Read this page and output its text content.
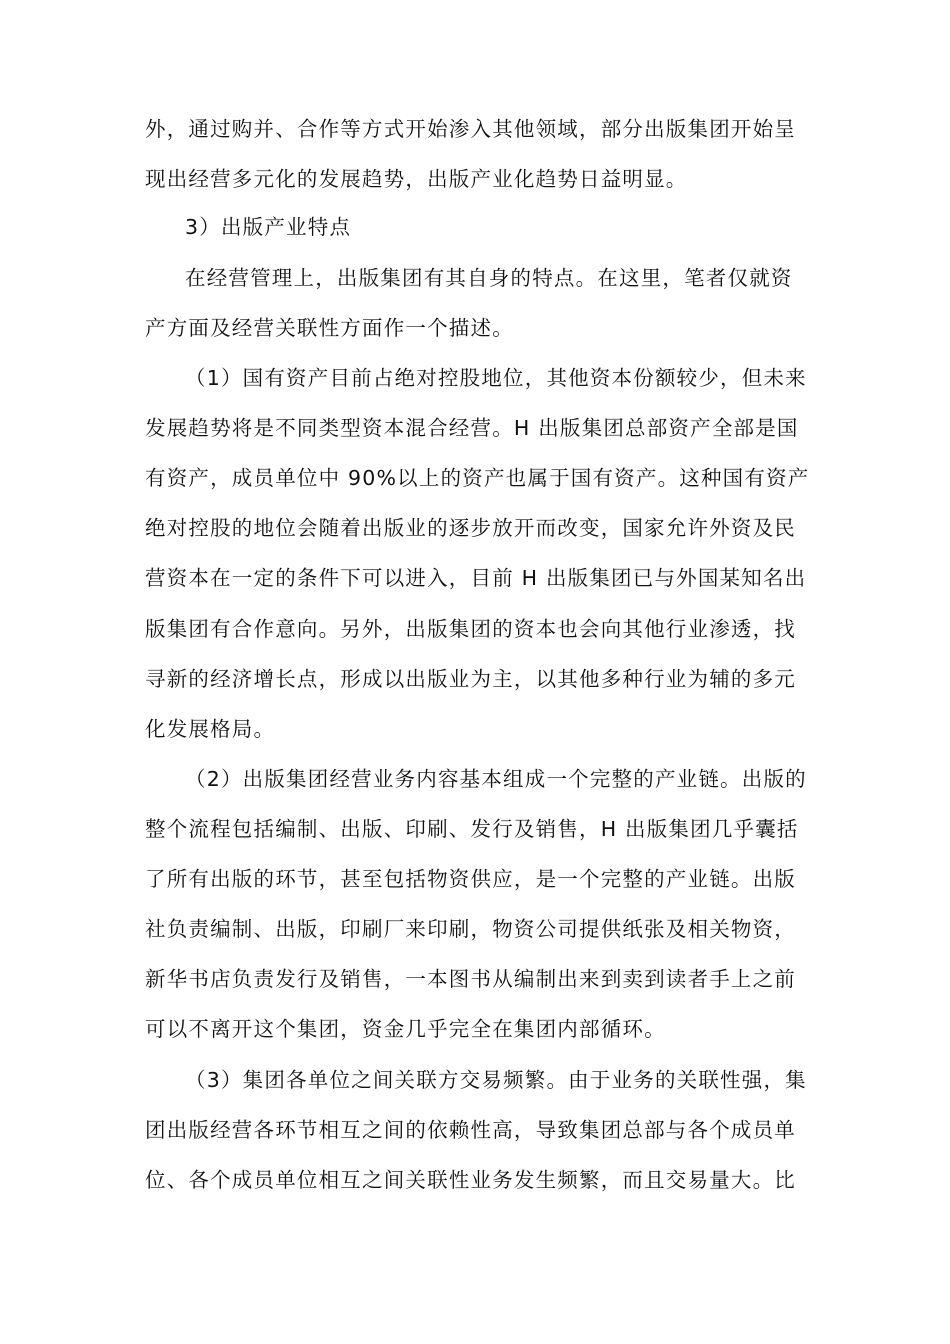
外，通过购并、合作等方式开始渗入其他领域，部分出版集团开始呈
现出经营多元化的发展趋势，出版产业化趋势日益明显。
3）出版产业特点
在经营管理上，出版集团有其自身的特点。在这里，笔者仅就资
产方面及经营关联性方面作一个描述。
（1）国有资产目前占绝对控股地位，其他资本份额较少，但未来
发展趋势将是不同类型资本混合经营。H 出版集团总部资产全部是国
有资产，成员单位中 90%以上的资产也属于国有资产。这种国有资产
绝对控股的地位会随着出版业的逐步放开而改变，国家允许外资及民
营资本在一定的条件下可以进入，目前 H 出版集团已与外国某知名出
版集团有合作意向。另外，出版集团的资本也会向其他行业渗透，找
寻新的经济增长点，形成以出版业为主，以其他多种行业为辅的多元
化发展格局。
（2）出版集团经营业务内容基本组成一个完整的产业链。出版的
整个流程包括编制、出版、印刷、发行及销售，H 出版集团几乎囊括
了所有出版的环节，甚至包括物资供应，是一个完整的产业链。出版
社负责编制、出版，印刷厂来印刷，物资公司提供纸张及相关物资，
新华书店负责发行及销售，一本图书从编制出来到卖到读者手上之前
可以不离开这个集团，资金几乎完全在集团内部循环。
（3）集团各单位之间关联方交易频繁。由于业务的关联性强，集
团出版经营各环节相互之间的依赖性高，导致集团总部与各个成员单
位、各个成员单位相互之间关联性业务发生频繁，而且交易量大。比
